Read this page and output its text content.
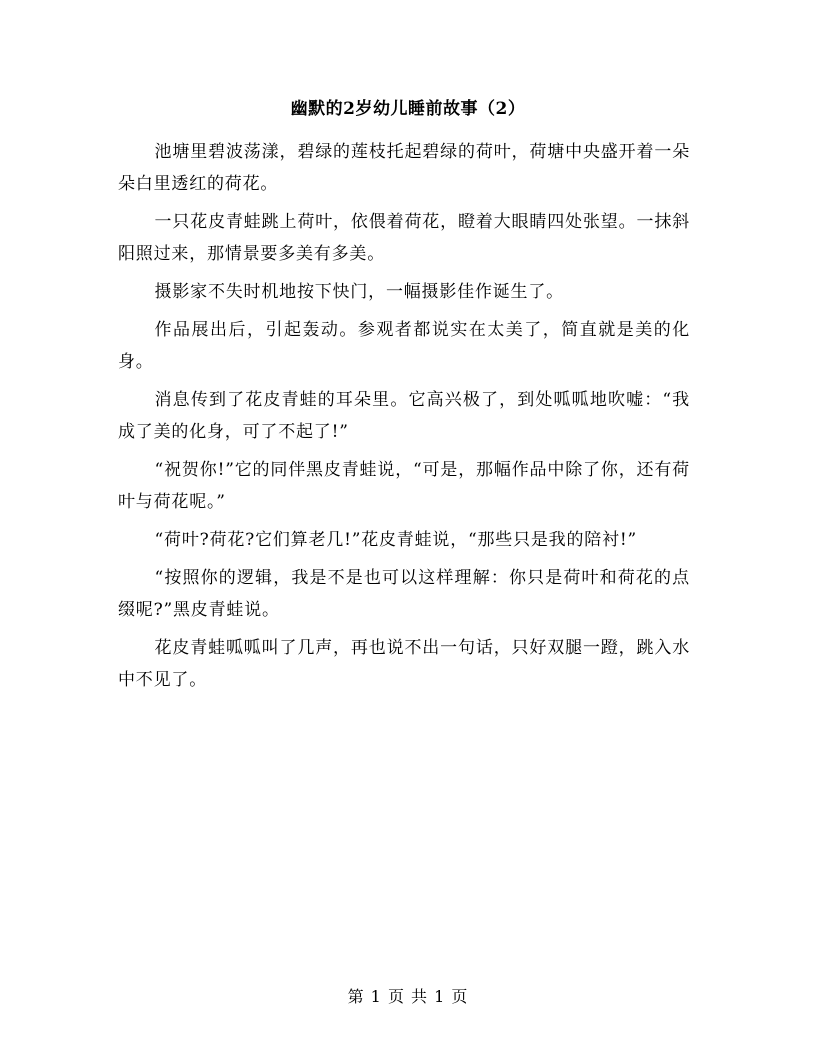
幽默的2岁幼儿睡前故事（2）

池塘里碧波荡漾，碧绿的莲枝托起碧绿的荷叶，荷塘中央盛开着一朵朵白里透红的荷花。

一只花皮青蛙跳上荷叶，依偎着荷花，瞪着大眼睛四处张望。一抹斜阳照过来，那情景要多美有多美。

摄影家不失时机地按下快门，一幅摄影佳作诞生了。

作品展出后，引起轰动。参观者都说实在太美了，简直就是美的化身。

消息传到了花皮青蛙的耳朵里。它高兴极了，到处呱呱地吹嘘：“我成了美的化身，可了不起了!”

“祝贺你!”它的同伴黑皮青蛙说，“可是，那幅作品中除了你，还有荷叶与荷花呢。”

“荷叶?荷花?它们算老几!”花皮青蛙说，“那些只是我的陪衬!”

“按照你的逻辑，我是不是也可以这样理解：你只是荷叶和荷花的点缀呢?”黑皮青蛙说。

花皮青蛙呱呱叫了几声，再也说不出一句话，只好双腿一蹬，跳入水中不见了。

第 1 页 共 1 页
